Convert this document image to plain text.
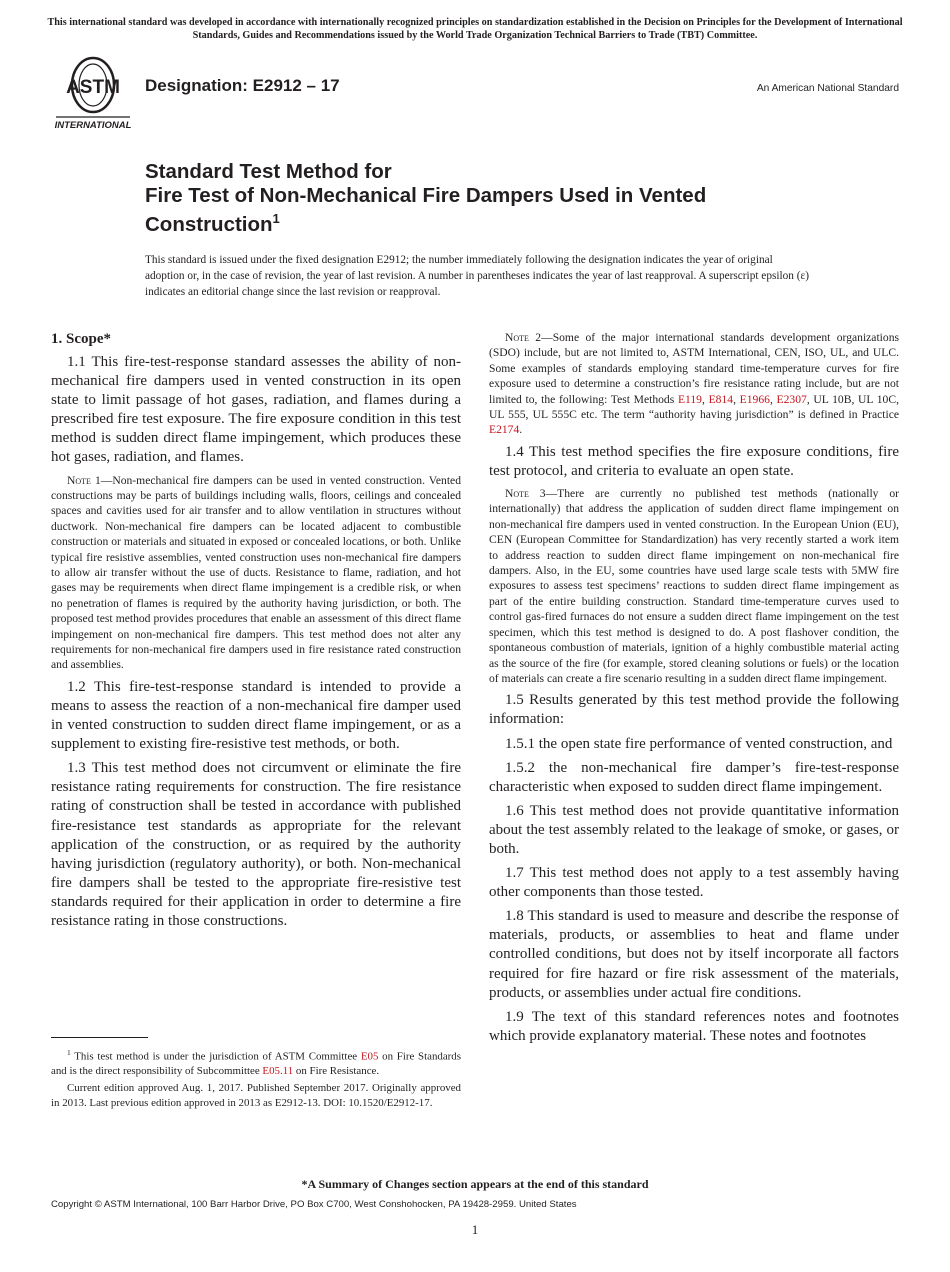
This international standard was developed in accordance with internationally recognized principles on standardization established in the Decision on Principles for the Development of International Standards, Guides and Recommendations issued by the World Trade Organization Technical Barriers to Trade (TBT) Committee.
ASTM
INTERNATIONAL
Designation: E2912 – 17	An American National Standard
Standard Test Method for
Fire Test of Non-Mechanical Fire Dampers Used in Vented
Construction$^1$
This standard is issued under the fixed designation E2912; the number immediately following the designation indicates the year of original adoption or, in the case of revision, the year of last revision. A number in parentheses indicates the year of last reapproval. A superscript epsilon (ε) indicates an editorial change since the last revision or reapproval.
1. Scope*

1.1 This fire-test-response standard assesses the ability of non-mechanical fire dampers used in vented construction in its open state to limit passage of hot gases, radiation, and flames during a prescribed fire test exposure. The fire exposure condition in this test method is sudden direct flame impingement, which produces these hot gases, radiation, and flames.

Note 1—Non-mechanical fire dampers can be used in vented construction. Vented constructions may be parts of buildings including walls, floors, ceilings and concealed spaces and cavities used for air transfer and to allow ventilation in structures without ductwork. Non-mechanical fire dampers can be located adjacent to combustible construction or materials and situated in exposed or concealed locations, or both. Unlike typical fire resistive assemblies, vented construction uses non-mechanical fire dampers to allow air transfer without the use of ducts. Resistance to flame, radiation, and hot gases may be requirements when direct flame impingement is a credible risk, or when no penetration of flames is required by the authority having jurisdiction, or both. The proposed test method provides procedures that enable an assessment of this direct flame impingement on non-mechanical fire dampers. This test method does not alter any requirements for non-mechanical fire dampers used in fire resistance rated construction and assemblies.

1.2 This fire-test-response standard is intended to provide a means to assess the reaction of a non-mechanical fire damper used in vented construction to sudden direct flame impingement, or as a supplement to existing fire-resistive test methods, or both.

1.3 This test method does not circumvent or eliminate the fire resistance rating requirements for construction. The fire resistance rating of construction shall be tested in accordance with published fire-resistance test standards as appropriate for the relevant application of the construction, or as required by the authority having jurisdiction (regulatory authority), or both. Non-mechanical fire dampers shall be tested to the appropriate fire-resistive test standards required for their application in order to determine a fire resistance rating in those constructions.

Note 2—Some of the major international standards development organizations (SDO) include, but are not limited to, ASTM International, CEN, ISO, UL, and ULC. Some examples of standards employing standard time-temperature curves for fire exposure used to determine a construction’s fire resistance rating include, but are not limited to, the following: Test Methods E119, E814, E1966, E2307, UL 10B, UL 10C, UL 555, UL 555C etc. The term “authority having jurisdiction” is defined in Practice E2174.

1.4 This test method specifies the fire exposure conditions, fire test protocol, and criteria to evaluate an open state.

Note 3—There are currently no published test methods (nationally or internationally) that address the application of sudden direct flame impingement on non-mechanical fire dampers used in vented construction. In the European Union (EU), CEN (European Committee for Standardization) has very recently started a work item to address reaction to sudden direct flame impingement on non-mechanical fire dampers. Also, in the EU, some countries have used large scale tests with 5MW fire exposures to assess test specimens’ reactions to sudden direct flame impingement as part of the entire building construction. Standard time-temperature curves used to control gas-fired furnaces do not ensure a sudden direct flame impingement on the test specimen, which this test method is designed to do. A post flashover condition, the spontaneous combustion of materials, ignition of a highly combustible material acting as the source of the fire (for example, stored cleaning solutions or fuels) or the location of materials can create a fire scenario resulting in a sudden direct flame impingement.

1.5 Results generated by this test method provide the following information:

1.5.1 the open state fire performance of vented construction, and

1.5.2 the non-mechanical fire damper’s fire-test-response characteristic when exposed to sudden direct flame impingement.

1.6 This test method does not provide quantitative information about the test assembly related to the leakage of smoke, or gases, or both.

1.7 This test method does not apply to a test assembly having other components than those tested.

1.8 This standard is used to measure and describe the response of materials, products, or assemblies to heat and flame under controlled conditions, but does not by itself incorporate all factors required for fire hazard or fire risk assessment of the materials, products, or assemblies under actual fire conditions.

1.9 The text of this standard references notes and footnotes which provide explanatory material. These notes and footnotes

$^1$ This test method is under the jurisdiction of ASTM Committee E05 on Fire Standards and is the direct responsibility of Subcommittee E05.11 on Fire Resistance.

Current edition approved Aug. 1, 2017. Published September 2017. Originally approved in 2013. Last previous edition approved in 2013 as E2912-13. DOI: 10.1520/E2912-17.

*A Summary of Changes section appears at the end of this standard
Copyright © ASTM International, 100 Barr Harbor Drive, PO Box C700, West Conshohocken, PA 19428-2959. United States
1
